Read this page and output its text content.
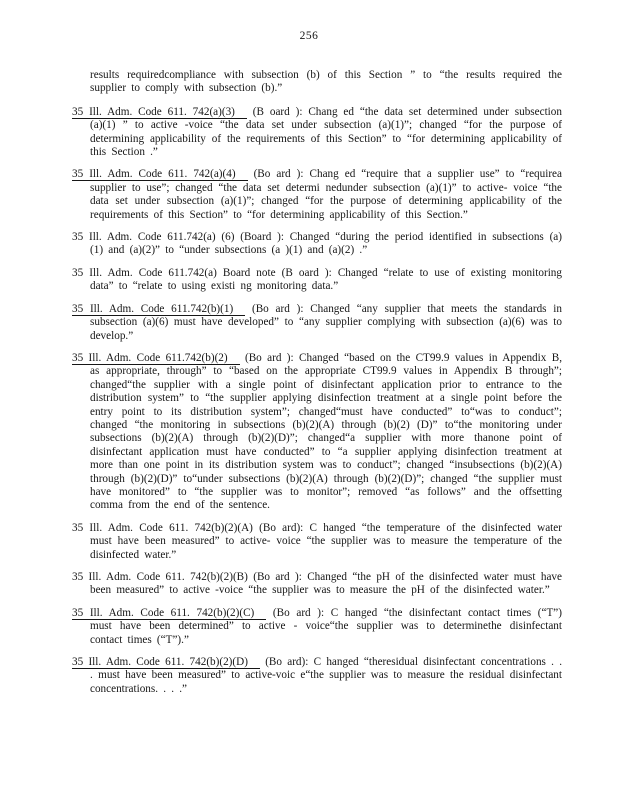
256

results requiredcompliance with subsection (b) of this Section ” to “the results required the supplier to comply with subsection (b).”

35 Ill. Adm. Code 611. 742(a)(3) (B oard ): Chang ed “the data set determined under subsection (a)(1) ” to active -voice “the data set under subsection (a)(1)”; changed “for the purpose of determining applicability of the requirements of this Section” to “for determining applicability of this Section .”

35 Ill. Adm. Code 611. 742(a)(4) (Bo ard ): Chang ed “require that a supplier use” to “requirea supplier to use”; changed “the data set determi nedunder subsection (a)(1)” to active- voice “the data set under subsection (a)(1)”; changed “for the purpose of determining applicability of the requirements of this Section” to “for determining applicability of this Section.”

35 Ill. Adm. Code 611.742(a) (6) (Board ): Changed “during the period identified in subsections (a)(1) and (a)(2)” to “under subsections (a )(1) and (a)(2) .”

35 Ill. Adm. Code 611.742(a) Board note (B oard ): Changed “relate to use of existing monitoring data” to “relate to using existi ng monitoring data.”

35 Ill. Adm. Code 611.742(b)(1) (Bo ard ): Changed “any supplier that meets the standards in subsection (a)(6) must have developed” to “any supplier complying with subsection (a)(6) was to develop.”

35 Ill. Adm. Code 611.742(b)(2) (Bo ard ): Changed “based on the CT99.9 values in Appendix B, as appropriate, through” to “based on the appropriate CT99.9 values in Appendix B through”; changed“the supplier with a single point of disinfectant application prior to entrance to the distribution system” to “the supplier applying disinfection treatment at a single point before the entry point to its distribution system”; changed“must have conducted” to“was to conduct”; changed “the monitoring in subsections (b)(2)(A) through (b)(2) (D)” to“the monitoring under subsections (b)(2)(A) through (b)(2)(D)”; changed“a supplier with more thanone point of disinfectant application must have conducted” to “a supplier applying disinfection treatment at more than one point in its distribution system was to conduct”; changed “insubsections (b)(2)(A) through (b)(2)(D)” to“under subsections (b)(2)(A) through (b)(2)(D)”; changed “the supplier must have monitored” to “the supplier was to monitor”; removed “as follows” and the offsetting comma from the end of the sentence.

35 Ill. Adm. Code 611. 742(b)(2)(A) (Bo ard): C hanged “the temperature of the disinfected water must have been measured” to active- voice “the supplier was to measure the temperature of the disinfected water.”

35 Ill. Adm. Code 611. 742(b)(2)(B) (Bo ard ): Changed “the pH of the disinfected water must have been measured” to active -voice “the supplier was to measure the pH of the disinfected water.”

35 Ill. Adm. Code 611. 742(b)(2)(C) (Bo ard ): C hanged “the disinfectant contact times (“T”) must have been determined” to active - voice“the supplier was to determinethe disinfectant contact times (“T”).”

35 Ill. Adm. Code 611. 742(b)(2)(D) (Bo ard): C hanged “theresidual disinfectant concentrations . . . must have been measured” to active-voic e“the supplier was to measure the residual disinfectant concentrations. . . .”
